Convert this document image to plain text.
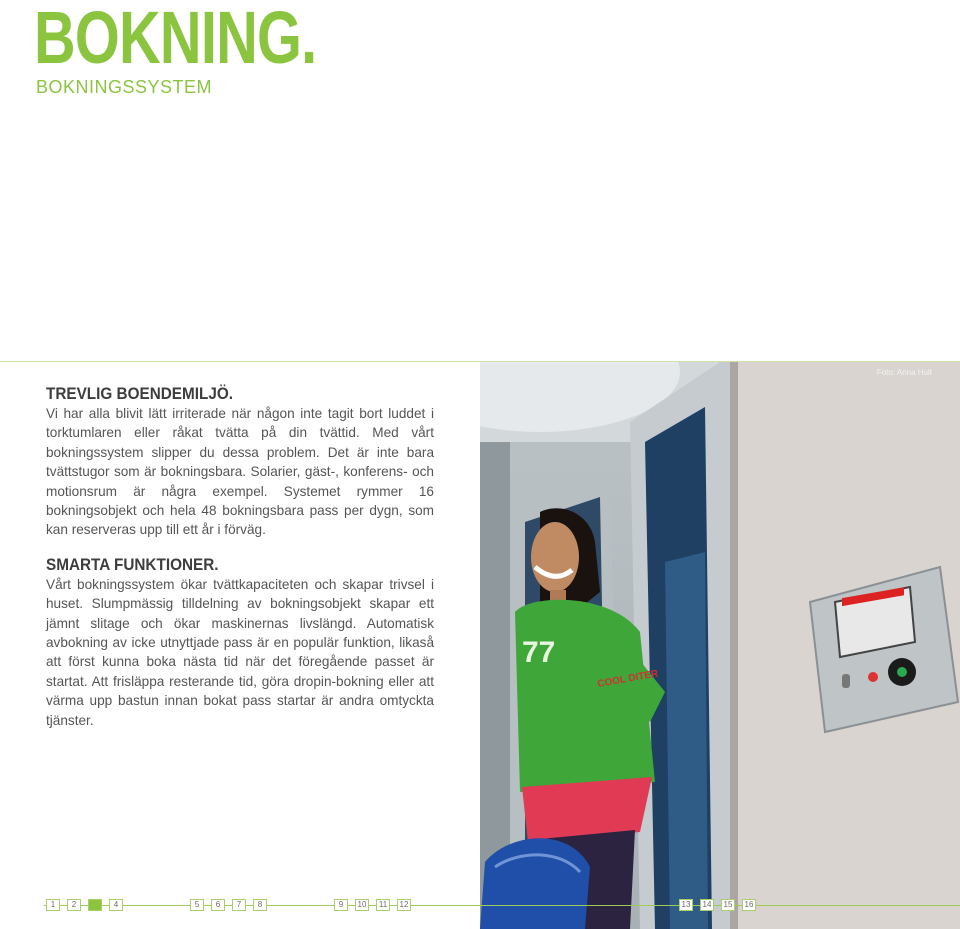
BOKNING.
BOKNINGSSYSTEM
TREVLIG BOENDEMILJÖ.

Vi har alla blivit lätt irriterade när någon inte tagit bort luddet i torktumlaren eller råkat tvätta på din tvättid. Med vårt bokningssystem slipper du dessa problem. Det är inte bara tvättstugor som är bokningsbara. Solarier, gäst-, konferens- och motionsrum är några exempel. Systemet rymmer 16 bokningsobjekt och hela 48 bokningsbara pass per dygn, som kan reserveras upp till ett år i förväg.

SMARTA FUNKTIONER.

Vårt bokningssystem ökar tvättkapaciteten och skapar trivsel i huset. Slumpmässig tilldelning av bokningsobjekt skapar ett jämnt slitage och ökar maskinernas livslängd. Automatisk avbokning av icke utnyttjade pass är en populär funktion, likaså att först kunna boka nästa tid när det föregående passet är startat. Att frisläppa resterande tid, göra dropin-bokning eller att värma upp bastun innan bokat pass startar är andra omtyckta tjänster.

77
COOL DITER
Foto: Anna Hult
1	2	3	4	5	6	7	8	9	10	11	12	13	14	15	16
